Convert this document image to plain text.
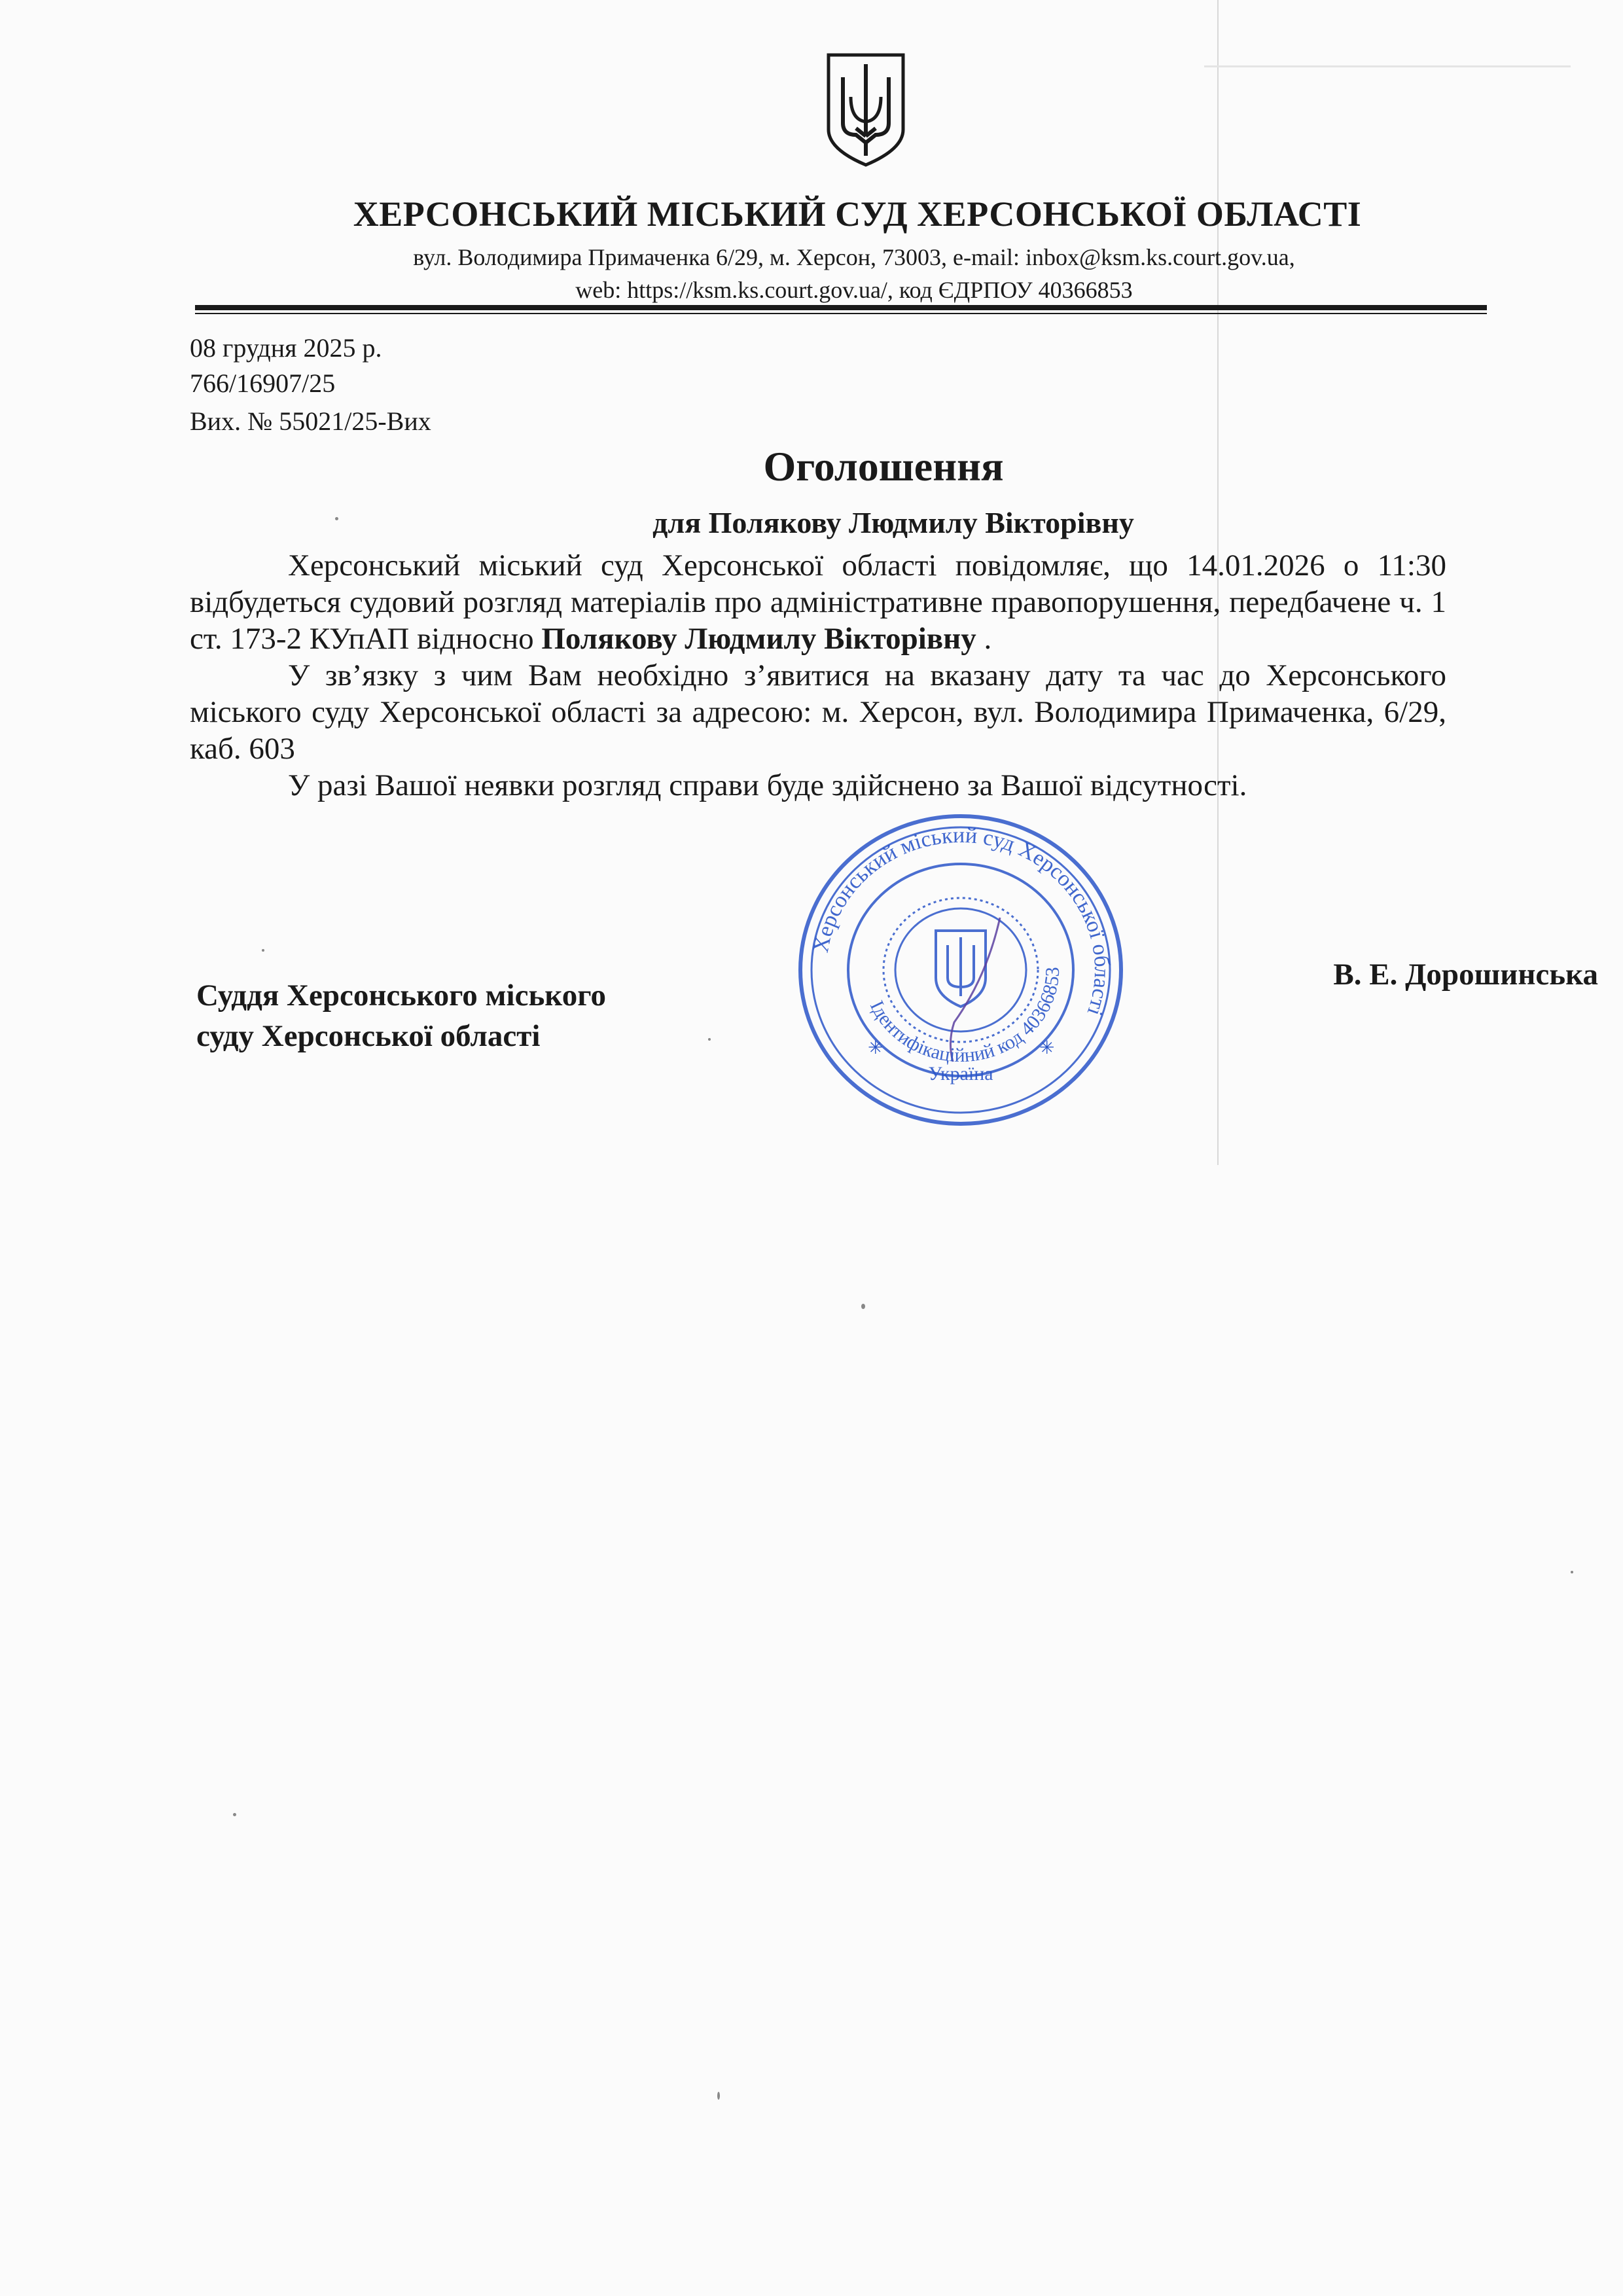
ХЕРСОНСЬКИЙ МІСЬКИЙ СУД ХЕРСОНСЬКОЇ ОБЛАСТІ
вул. Володимира Примаченка 6/29, м. Херсон, 73003, e-mail: inbox@ksm.ks.court.gov.ua,
web: https://ksm.ks.court.gov.ua/, код ЄДРПОУ 40366853
08 грудня 2025 р.
766/16907/25
Вих. № 55021/25-Вих
Оголошення
для Полякову Людмилу Вікторівну

Херсонський міський суд Херсонської області повідомляє, що 14.01.2026 о 11:30 відбудеться судовий розгляд матеріалів про адміністративне правопорушення, передбачене ч. 1 ст. 173-2 КУпАП відносно Полякову Людмилу Вікторівну .

У зв’язку з чим Вам необхідно з’явитися на вказану дату та час до Херсонського міського суду Херсонської області за адресою: м. Херсон, вул. Володимира Примаченка, 6/29, каб. 603

У разі Вашої неявки розгляд справи буде здійснено за Вашої відсутності.

Херсонський міський суд Херсонської області
Ідентифікаційний код 40366853
Україна
✳	✳
Суддя Херсонського міського
суду Херсонської області
В. Е. Дорошинська
